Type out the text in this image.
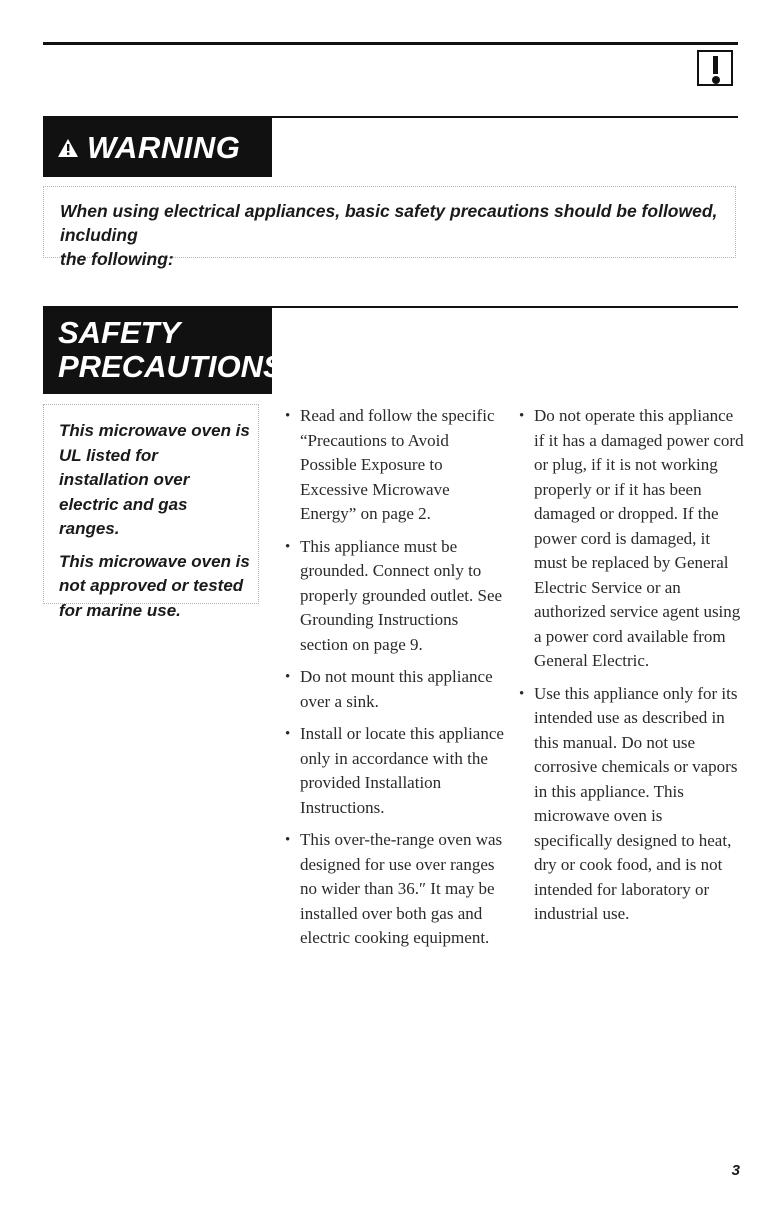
WARNING
When using electrical appliances, basic safety precautions should be followed, including
the following:
SAFETY
PRECAUTIONS

This microwave oven is UL listed for installation over electric and gas ranges.

This microwave oven is not approved or tested for marine use.

• Read and follow the specific “Precautions to Avoid Possible Exposure to Excessive Microwave Energy” on page 2.
• This appliance must be grounded. Connect only to properly grounded outlet. See Grounding Instructions section on page 9.
• Do not mount this appliance over a sink.
• Install or locate this appliance only in accordance with the provided Installation Instructions.
• This over-the-range oven was designed for use over ranges no wider than 36.″ It may be installed over both gas and electric cooking equipment.
• Do not operate this appliance if it has a damaged power cord or plug, if it is not working properly or if it has been damaged or dropped. If the power cord is damaged, it must be replaced by General Electric Service or an authorized service agent using a power cord available from General Electric.
• Use this appliance only for its intended use as described in this manual. Do not use corrosive chemicals or vapors in this appliance. This microwave oven is specifically designed to heat, dry or cook food, and is not intended for laboratory or industrial use.
3
